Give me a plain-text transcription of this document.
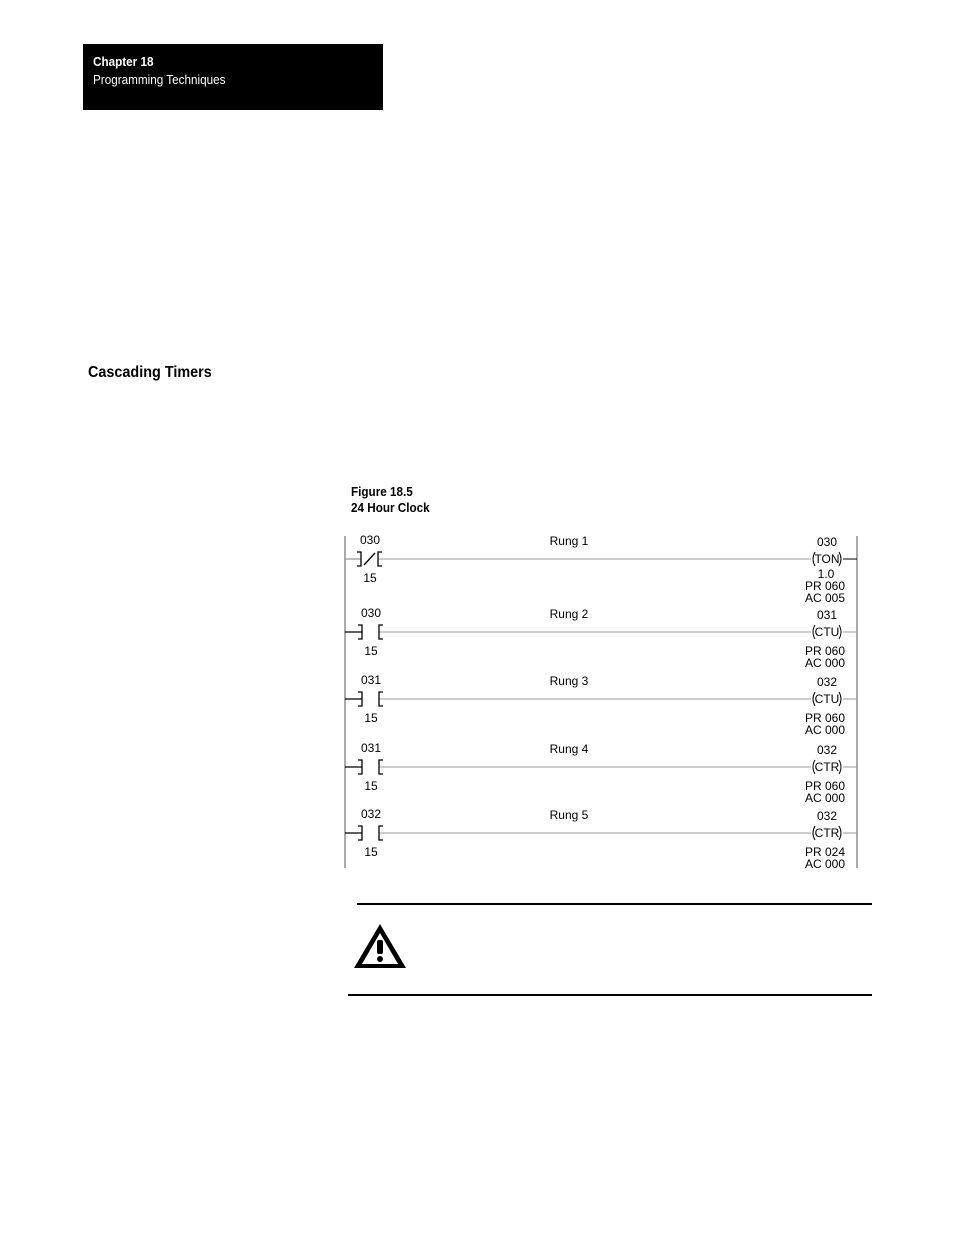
Chapter 18
Programming Techniques
Cascading Timers
Figure 18.5
24 Hour Clock
030
15
Rung 1
TON
030
1.0
PR 060
AC 005
030
15
Rung 2
CTU
031
PR 060
AC 000
031
15
Rung 3
CTU
032
PR 060
AC 000
031
15
Rung 4
CTR
032
PR 060
AC 000
032
15
Rung 5
CTR
032
PR 024
AC 000
